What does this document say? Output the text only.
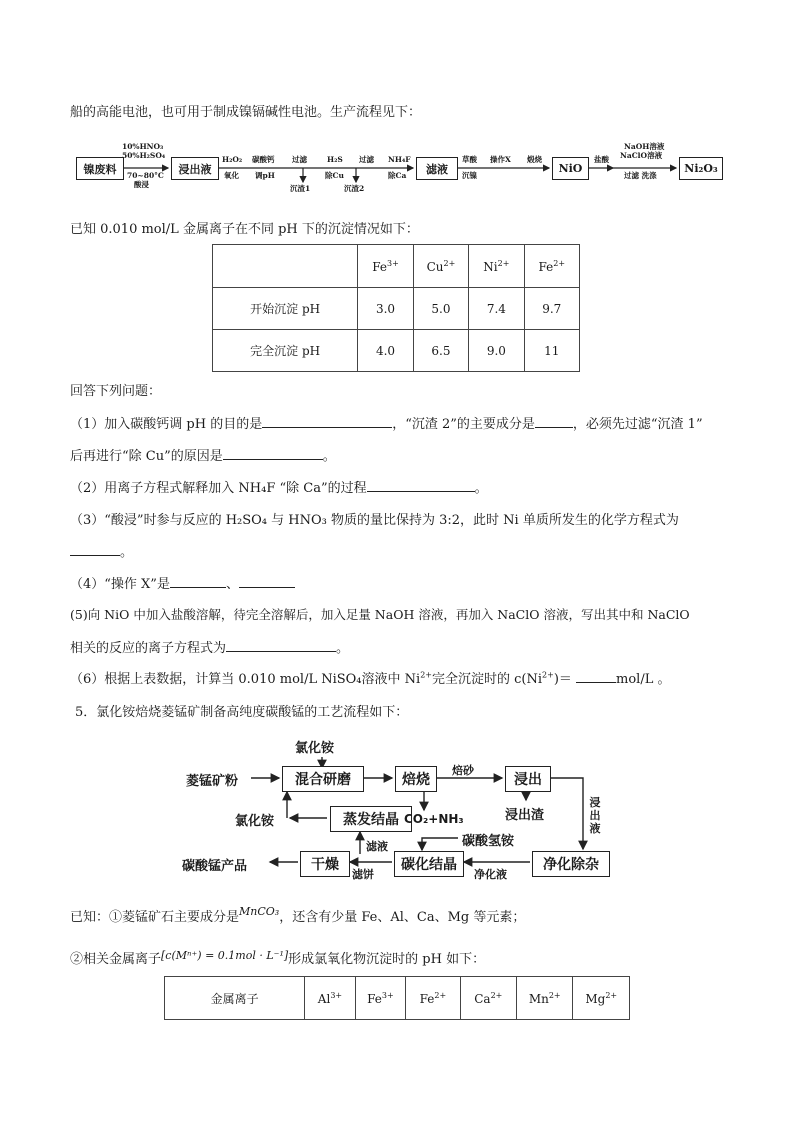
船的高能电池，也可用于制成镍镉碱性电池。生产流程见下：
镍废料	浸出液	滤液	NiO	Ni₂O₃
10%HNO₃
50%H₂SO₄
70~80°C
酸浸
H₂O₂
氧化
碳酸钙
调pH
过滤
沉渣1
H₂S
除Cu
过滤
沉渣2
NH₄F
除Ca
草酸
沉镍
操作X 煅烧	盐酸
NaOH溶液
NaClO溶液
过滤 洗涤
已知 0.010 mol/L 金属离子在不同 pH 下的沉淀情况如下：
	$Fe^{3+}$	$Cu^{2+}$	$Ni^{2+}$	$Fe^{2+}$
开始沉淀 pH	3.0	5.0	7.4	9.7
完全沉淀 pH	4.0	6.5	9.0	11
回答下列问题：
（1）加入碳酸钙调 pH 的目的是	，“沉渣 2”的主要成分是	，必须先过滤“沉渣 1”
后再进行“除 Cu”的原因是	。
（2）用离子方程式解释加入 NH₄F “除 Ca”的过程	。
（3）“酸浸”时参与反应的 H₂SO₄ 与 HNO₃ 物质的量比保持为 3:2，此时 Ni 单质所发生的化学方程式为
。
（4）“操作 X”是	、
(5)向 NiO 中加入盐酸溶解，待完全溶解后，加入足量 NaOH 溶液，再加入 NaClO 溶液，写出其中和 NaClO
相关的反应的离子方程式为	。
（6）根据上表数据，计算当 0.010 mol/L NiSO₄溶液中 $Ni^{2+}$完全沉淀时的 $c(Ni^{2+})=$	mol/L 。
5．氯化铵焙烧菱锰矿制备高纯度碳酸锰的工艺流程如下：
氯化铵
菱锰矿粉	混合研磨	焙烧
焙砂
浸出
浸出渣
浸出液
氯化铵	蒸发结晶 CO₂+NH₃
碳酸氢铵
滤液
碳酸锰产品	干燥
滤饼
碳化结晶
净化液
净化除杂
已知：①菱锰矿石主要成分是$^{MnCO_3}$，还含有少量 Fe、Al、Ca、Mg 等元素；
②相关金属离子[c(Mⁿ⁺) = 0.1mol · L⁻¹]形成氯氧化物沉淀时的 pH 如下：
金属离子	$Al^{3+}$	$Fe^{3+}$	$Fe^{2+}$	$Ca^{2+}$	$Mn^{2+}$	$Mg^{2+}$
